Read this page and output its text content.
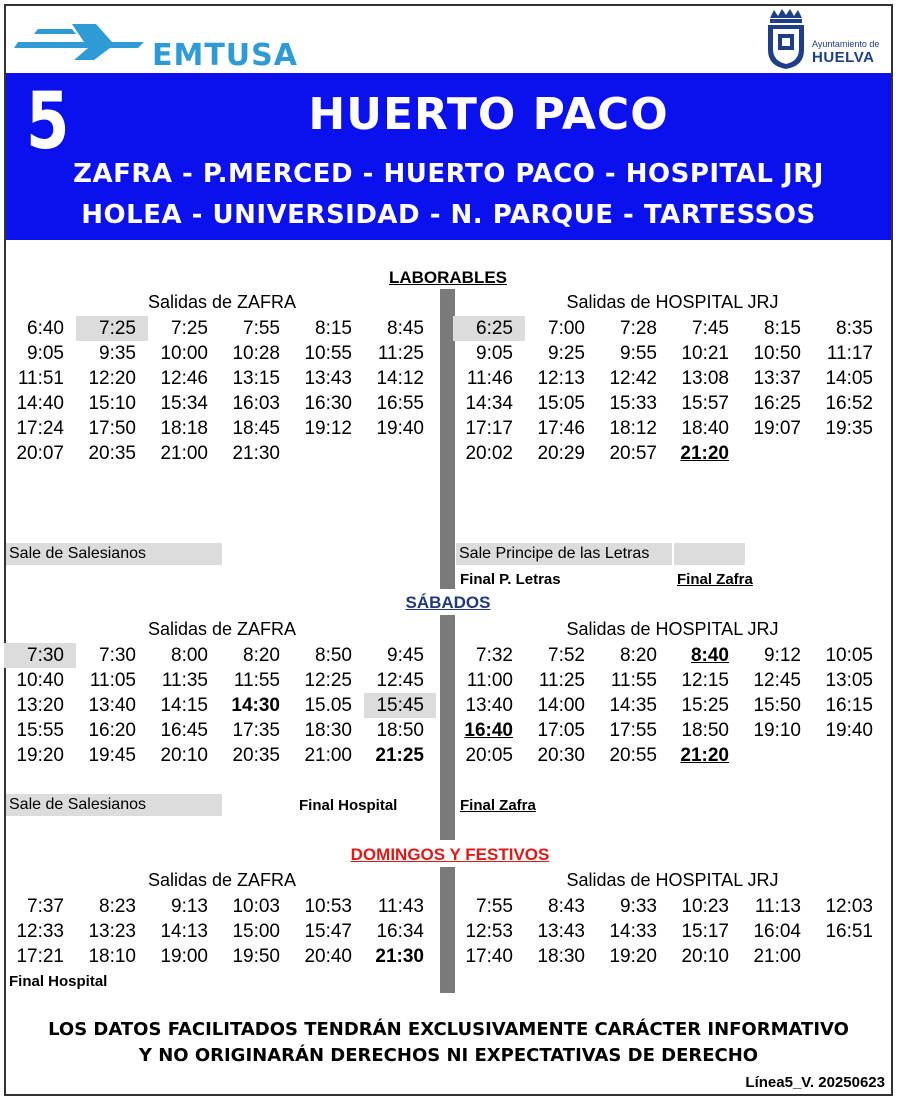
EMTUSA	Ayuntamiento de
HUELVA
5	HUERTO PACO
ZAFRA - P.MERCED - HUERTO PACO - HOSPITAL JRJ
HOLEA - UNIVERSIDAD - N. PARQUE - TARTESSOS
LABORABLES
Salidas de ZAFRA	Salidas de HOSPITAL JRJ
6:40	7:25	7:25	7:55	8:15	8:45
9:05	9:35	10:00	10:28	10:55	11:25
11:51	12:20	12:46	13:15	13:43	14:12
14:40	15:10	15:34	16:03	16:30	16:55
17:24	17:50	18:18	18:45	19:12	19:40
20:07	20:35	21:00	21:30
6:25	7:00	7:28	7:45	8:15	8:35
9:05	9:25	9:55	10:21	10:50	11:17
11:46	12:13	12:42	13:08	13:37	14:05
14:34	15:05	15:33	15:57	16:25	16:52
17:17	17:46	18:12	18:40	19:07	19:35
20:02	20:29	20:57	21:20
Sale de Salesianos	Sale Principe de las Letras
Final P. Letras	Final Zafra
SÁBADOS
Salidas de ZAFRA	Salidas de HOSPITAL JRJ
7:30	7:30	8:00	8:20	8:50	9:45
10:40	11:05	11:35	11:55	12:25	12:45
13:20	13:40	14:15	14:30	15.05	15:45
15:55	16:20	16:45	17:35	18:30	18:50
19:20	19:45	20:10	20:35	21:00	21:25
7:32	7:52	8:20	8:40	9:12	10:05
11:00	11:25	11:55	12:15	12:45	13:05
13:40	14:00	14:35	15:25	15:50	16:15
16:40	17:05	17:55	18:50	19:10	19:40
20:05	20:30	20:55	21:20
Sale de Salesianos	Final Hospital	Final Zafra
DOMINGOS Y FESTIVOS
Salidas de ZAFRA	Salidas de HOSPITAL JRJ
7:37	8:23	9:13	10:03	10:53	11:43
12:33	13:23	14:13	15:00	15:47	16:34
17:21	18:10	19:00	19:50	20:40	21:30
7:55	8:43	9:33	10:23	11:13	12:03
12:53	13:43	14:33	15:17	16:04	16:51
17:40	18:30	19:20	20:10	21:00
Final Hospital
LOS DATOS FACILITADOS TENDRÁN EXCLUSIVAMENTE CARÁCTER INFORMATIVO
Y NO ORIGINARÁN DERECHOS NI EXPECTATIVAS DE DERECHO
Línea5_V. 20250623
